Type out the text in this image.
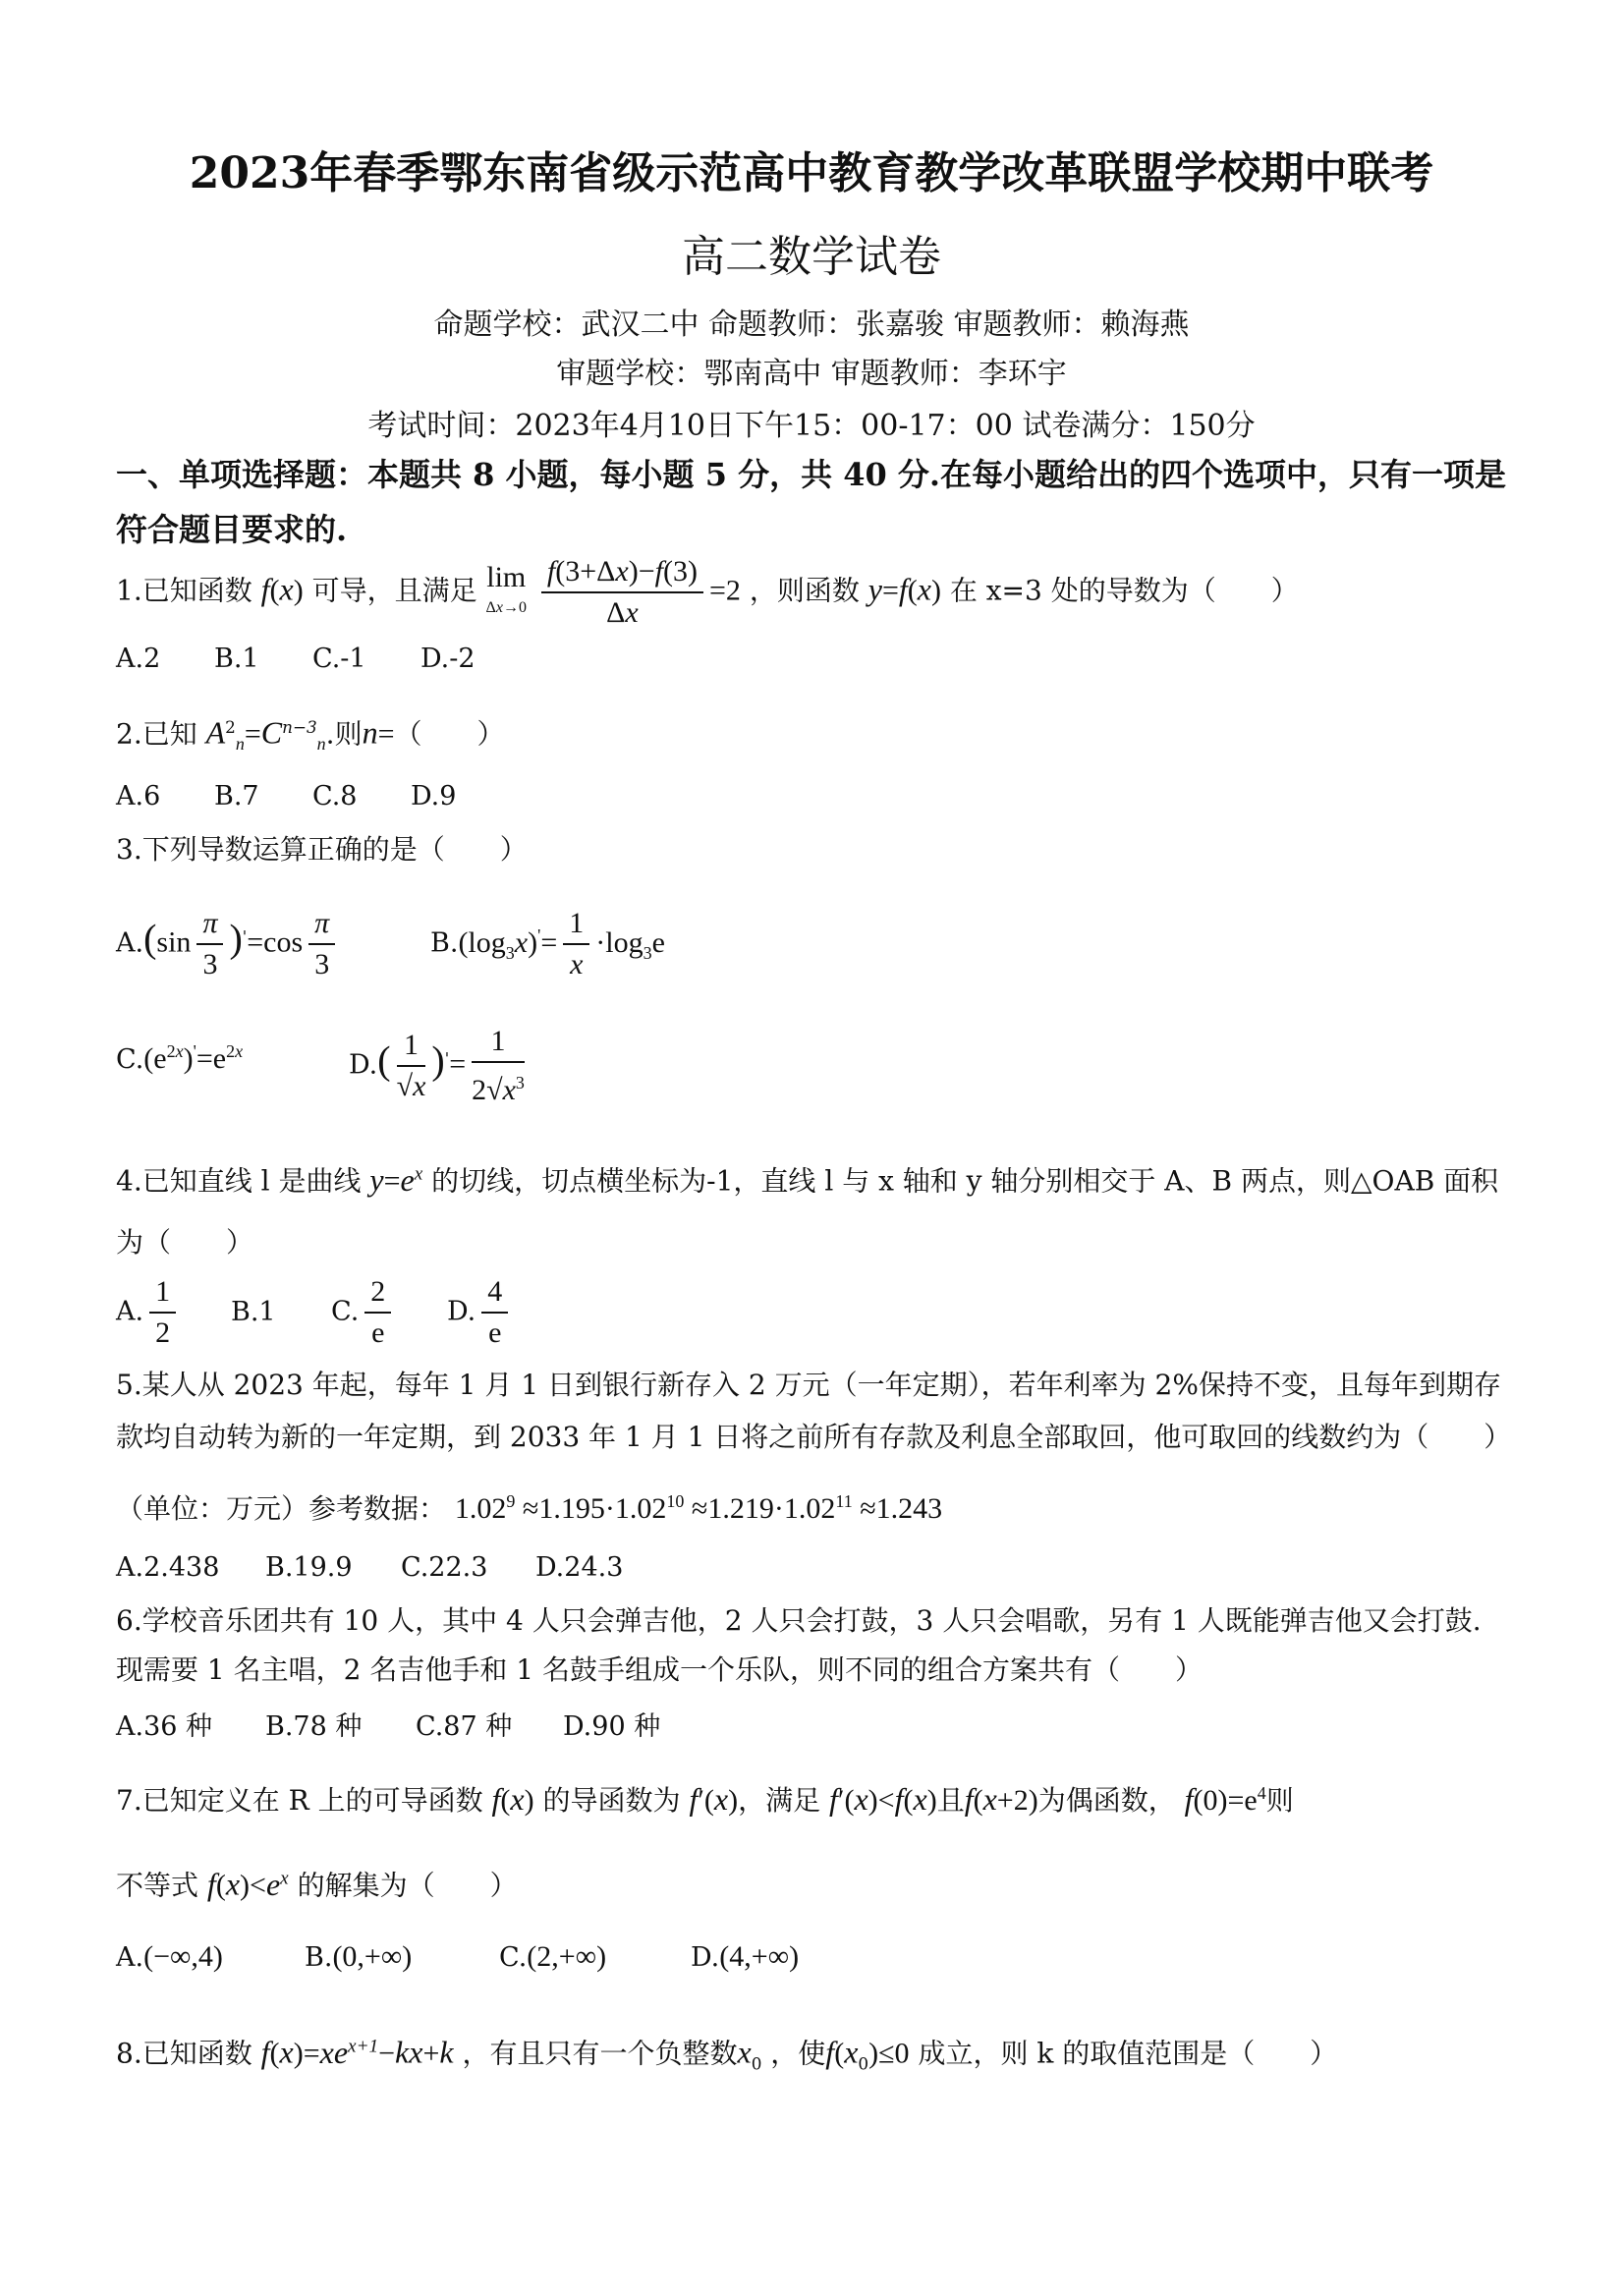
2023年春季鄂东南省级示范高中教育教学改革联盟学校期中联考
高二数学试卷
命题学校：武汉二中 命题教师：张嘉骏 审题教师：赖海燕
审题学校：鄂南高中 审题教师：李环宇
考试时间：2023年4月10日下午15：00-17：00 试卷满分：150分
一、单项选择题：本题共 8 小题，每小题 5 分，共 40 分.在每小题给出的四个选项中，只有一项是符合题目要求的.
1.已知函数 f(x) 可导，且满足 lim
$\Delta x\to 0 \frac{f(3+\Delta x)-f(3)}{\Delta x} =2$ ，则函数 y=f(x) 在 x=3 处的导数为（　　）
A.2 B.1 C.-1 D.-2
2.已知 $A^2_n=C^{n-3}_n$.则n=（　　）
A.6 B.7 C.8 D.9
3.下列导数运算正确的是（　　）
$A.(\sin \frac{\pi}{3} )'=\cos \frac{\pi}{3}$	$B.(\log_3x)'= \frac{1}{x} \cdot\log_3e$
$C.(e^{2x})'=e^{2x}$	$D.( \frac{1}{√x} )'= \frac{1}{2√x^3}$
4.已知直线 l 是曲线 $y=e^x$ 的切线，切点横坐标为-1，直线 l 与 x 轴和 y 轴分别相交于 A、B 两点，则△OAB 面积
为（　　）
A. $\frac{1}{2} B.1$ C. $\frac{2}{e} D$. $\frac{4}{e}$
5.某人从 2023 年起，每年 1 月 1 日到银行新存入 2 万元（一年定期），若年利率为 2%保持不变，且每年到期存
款均自动转为新的一年定期，到 2033 年 1 月 1 日将之前所有存款及利息全部取回，他可取回的线数约为（　　）
（单位：万元）参考数据： $1.02^9 \approx 1.195\cdot 1.02^{10} \approx 1.219\cdot 1.02^{11} \approx 1.243$
A.2.438 B.19.9 C.22.3 D.24.3
6.学校音乐团共有 10 人，其中 4 人只会弹吉他，2 人只会打鼓，3 人只会唱歌，另有 1 人既能弹吉他又会打鼓.
现需要 1 名主唱，2 名吉他手和 1 名鼓手组成一个乐队，则不同的组合方案共有（　　）
A.36 种 B.78 种 C.87 种 D.90 种
7.已知定义在 R 上的可导函数 f(x) 的导函数为 f′(x)，满足 f′(x)<f(x)且f(x+2)为偶函数， $f(0)=e^4$则
不等式 $f(x)<e^x$ 的解集为（　　）
A.(−∞,4)	B.(0,+∞)	C.(2,+∞)	D.(4,+∞)
8.已知函数 $f(x)=xe^{x+1}-kx+k$ ，有且只有一个负整数$x_0$ ，使$f(x_0)\le 0$ 成立，则 k 的取值范围是（　　）
